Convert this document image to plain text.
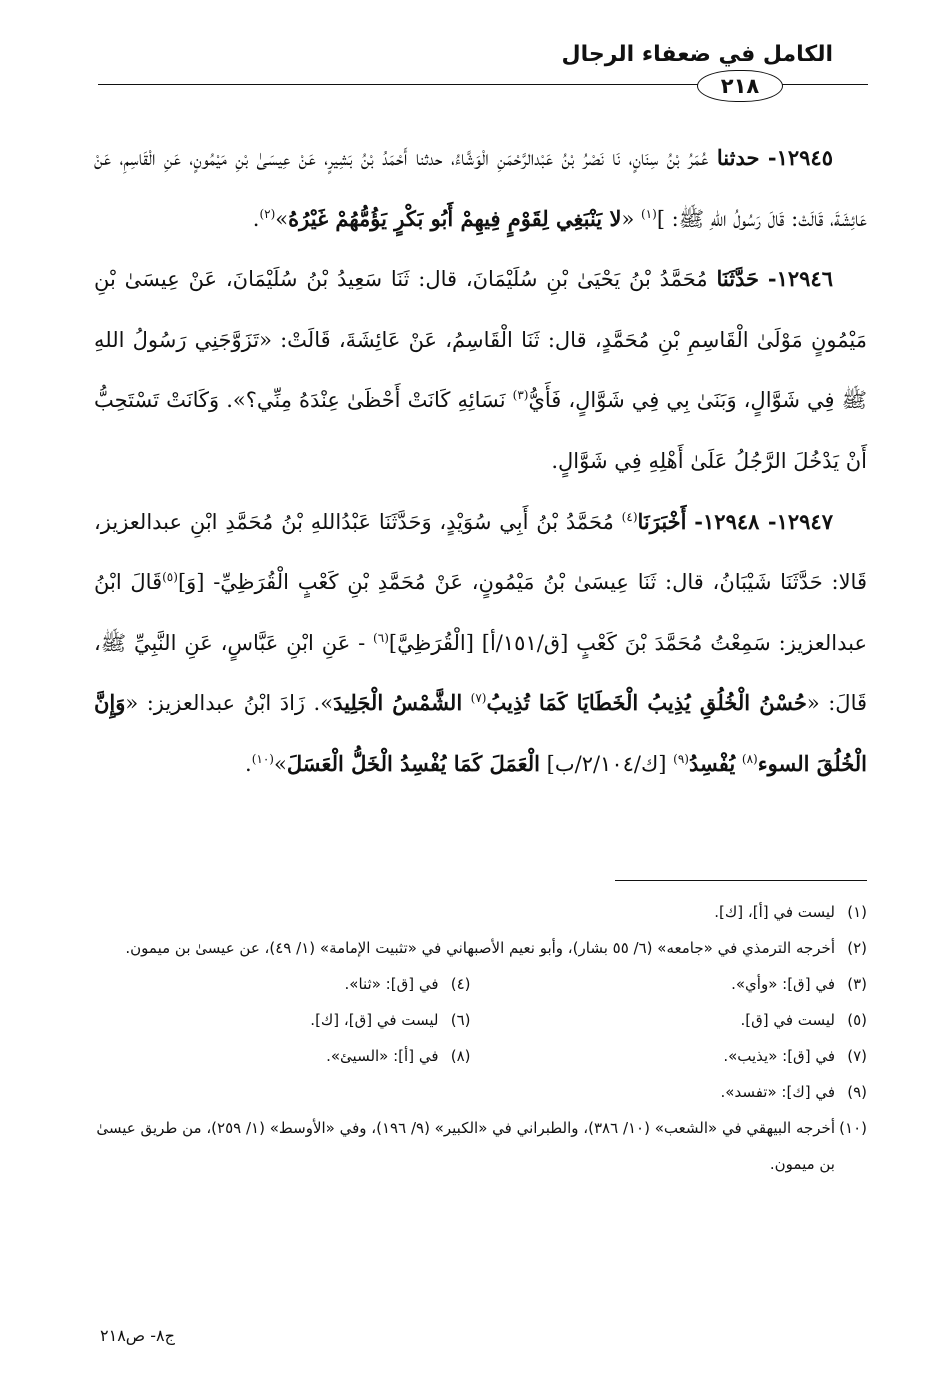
الكامل في ضعفاء الرجال
٢١٨

١٢٩٤٥- حدثنا عُمَرُ بْنُ سِنَانٍ، نَا نَصْرُ بْنُ عَبْدالرَّحْمَنِ الْوَشَّاءُ، حدثنا أَحْمَدُ بْنُ بَشِيرٍ، عَنْ عِيسَىٰ بْنِ مَيْمُونٍ، عَنِ الْقَاسِمِ، عَنْ عَائِشَةَ، قَالَتْ: قَالَ رَسُولُ اللهِ ﷺ: ]$^{(١)}$ «لا يَنْبَغِي لِقَوْمٍ فِيهِمْ أَبُو بَكْرٍ يَؤُمُّهُمْ غَيْرُهُ»$^{(٢)}$.

١٢٩٤٦- حَدَّثَنَا مُحَمَّدُ بْنُ يَحْيَىٰ بْنِ سُلَيْمَانَ، قال: ثَنَا سَعِيدُ بْنُ سُلَيْمَانَ، عَنْ عِيسَىٰ بْنِ مَيْمُونٍ مَوْلَىٰ الْقَاسِمِ بْنِ مُحَمَّدٍ، قال: ثَنَا الْقَاسِمُ، عَنْ عَائِشَةَ، قَالَتْ: «تَزَوَّجَنِي رَسُولُ اللهِ ﷺ فِي شَوَّالٍ، وَبَنَىٰ بِي فِي شَوَّالٍ، فَأَيُّ$^{(٣)}$ نَسَائِهِ كَانَتْ أَحْظَىٰ عِنْدَهُ مِنِّي؟». وَكَانَتْ تَسْتَحِبُّ أَنْ يَدْخُلَ الرَّجُلُ عَلَىٰ أَهْلِهِ فِي شَوَّالٍ.

١٢٩٤٧- ١٢٩٤٨- أَخْبَرَنَا$^{(٤)}$ مُحَمَّدُ بْنُ أَبِي سُوَيْدٍ، وَحَدَّثَنَا عَبْدُاللهِ بْنُ مُحَمَّدِ ابْنِ عبدالعزيز، قَالا: حَدَّثَنَا شَيْبَانُ، قال: ثَنَا عِيسَىٰ بْنُ مَيْمُونٍ، عَنْ مُحَمَّدِ بْنِ كَعْبٍ الْقُرَظِيِّ- [وَ]$^{(٥)}$قَالَ ابْنُ عبدالعزيز: سَمِعْتُ مُحَمَّدَ بْنَ كَعْبٍ [ق/١٥١/أ] [الْقُرَظِيَّ]$^{(٦)}$ - عَنِ ابْنِ عَبَّاسٍ، عَنِ النَّبِيِّ ﷺ، قَالَ: «حُسْنُ الْخُلُقِ يُذِيبُ الْخَطَايَا كَمَا تُذِيبُ$^{(٧)}$ الشَّمْسُ الْجَلِيدَ». زَادَ ابْنُ عبدالعزيز: «وَإِنَّ الْخُلُقَ السوء$^{(٨)}$ يُفْسِدُ$^{(٩)}$ [ك/٢/١٠٤/ب] الْعَمَلَ كَمَا يُفْسِدُ الْخَلُّ الْعَسَلَ»$^{(١٠)}$.

(١)
ليست في [أ]، [ك].
(٢)
أخرجه الترمذي في «جامعه» (٦/ ٥٥ بشار)، وأبو نعيم الأصبهاني في «تثبيت الإمامة» (١/ ٤٩)، عن عيسىٰ بن ميمون.
(٣)
في [ق]: «وأي».
(٤)
في [ق]: «ثنا».
(٥)
ليست في [ق].
(٦)
ليست في [ق]، [ك].
(٧)
في [ق]: «يذيب».
(٨)
في [أ]: «السيئ».
(٩)
في [ك]: «تفسد».
(١٠)
أخرجه البيهقي في «الشعب» (١٠/ ٣٨٦)، والطبراني في «الكبير» (٩/ ١٩٦)، وفي «الأوسط» (١/ ٢٥٩)، من طريق عيسىٰ بن ميمون.
ج٨- ص٢١٨
